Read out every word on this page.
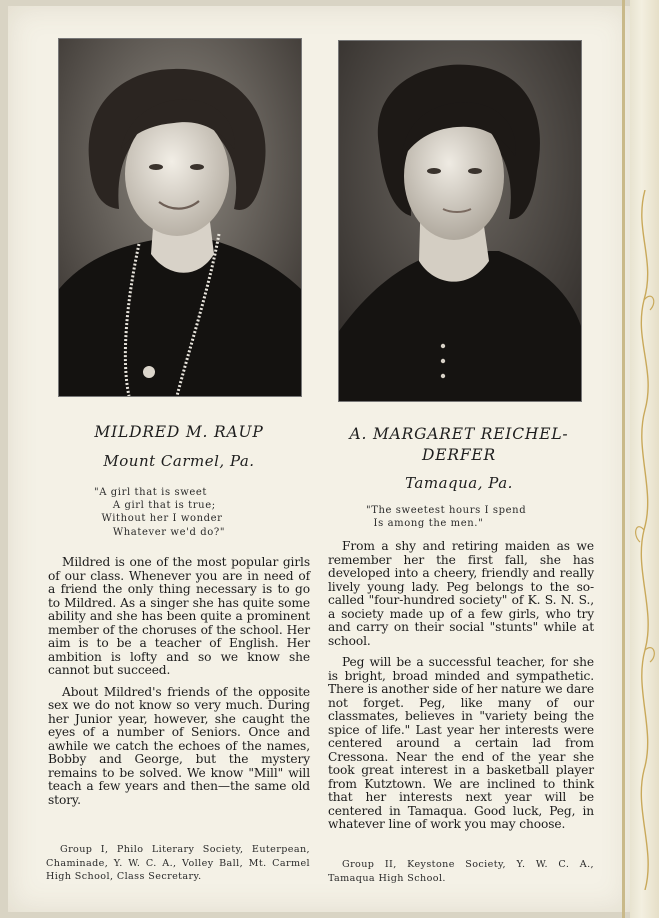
MILDRED M. RAUP
Mount Carmel, Pa.
"A girl that is sweet
A girl that is true;
Without her I wonder
Whatever we'd do?"

Mildred is one of the most popular girls of our class. Whenever you are in need of a friend the only thing necessary is to go to Mildred. As a singer she has quite some ability and she has been quite a prominent member of the choruses of the school. Her aim is to be a teacher of English. Her ambition is lofty and so we know she cannot but succeed.

About Mildred's friends of the opposite sex we do not know so very much. During her Junior year, however, she caught the eyes of a number of Seniors. Once and awhile we catch the echoes of the names, Bobby and George, but the mystery remains to be solved. We know "Mill" will teach a few years and then—the same old story.

Group I, Philo Literary Society, Euterpean, Chaminade, Y. W. C. A., Volley Ball, Mt. Carmel High School, Class Secretary.

A. MARGARET REICHEL-DERFER
Tamaqua, Pa.
"The sweetest hours I spend
Is among the men."

From a shy and retiring maiden as we remember her the first fall, she has developed into a cheery, friendly and really lively young lady. Peg belongs to the so-called "four-hundred society" of K. S. N. S., a society made up of a few girls, who try and carry on their social "stunts" while at school.

Peg will be a successful teacher, for she is bright, broad minded and sympathetic. There is another side of her nature we dare not forget. Peg, like many of our classmates, believes in "variety being the spice of life." Last year her interests were centered around a certain lad from Cressona. Near the end of the year she took great interest in a basketball player from Kutztown. We are inclined to think that her interests next year will be centered in Tamaqua. Good luck, Peg, in whatever line of work you may choose.

Group II, Keystone Society, Y. W. C. A., Tamaqua High School.
